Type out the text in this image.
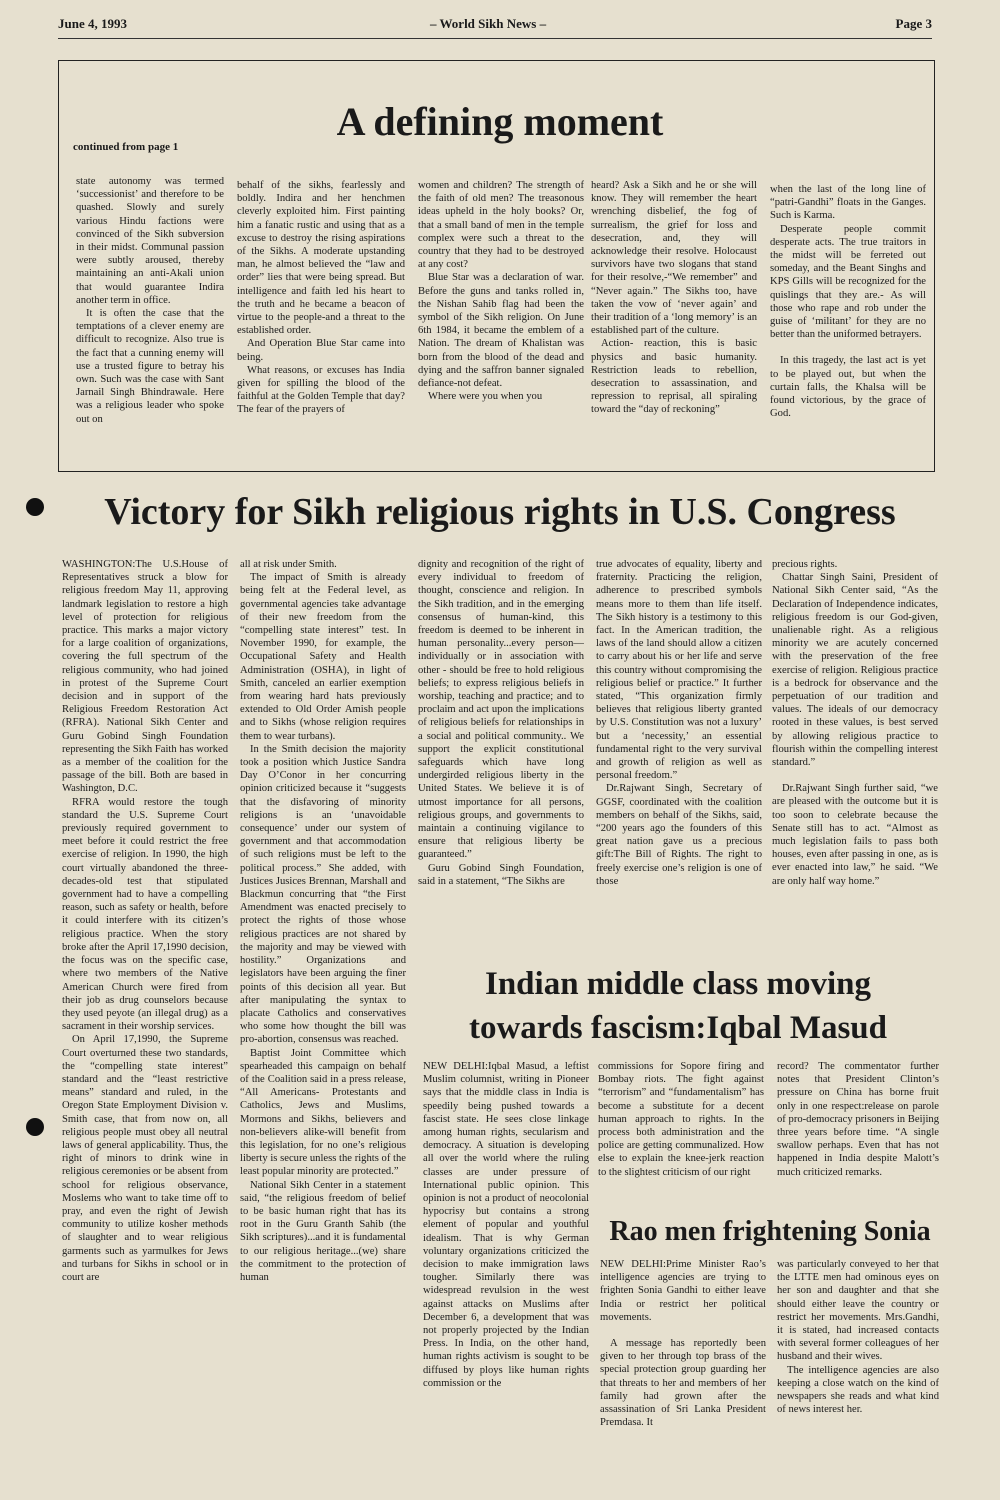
June 4, 1993	– World Sikh News –	Page 3
A defining moment
continued from page 1

state autonomy was termed ‘successionist’ and therefore to be quashed. Slowly and surely various Hindu factions were convinced of the Sikh subversion in their midst. Communal passion were subtly aroused, thereby maintaining an anti-Akali union that would guarantee Indira another term in office.

It is often the case that the temptations of a clever enemy are difficult to recognize. Also true is the fact that a cunning enemy will use a trusted figure to betray his own. Such was the case with Sant Jarnail Singh Bhindrawale. Here was a religious leader who spoke out on

behalf of the sikhs, fearlessly and boldly. Indira and her henchmen cleverly exploited him. First painting him a fanatic rustic and using that as a excuse to destroy the rising aspirations of the Sikhs. A moderate upstanding man, he almost believed the “law and order” lies that were being spread. But intelligence and faith led his heart to the truth and he became a beacon of virtue to the people-and a threat to the established order.

And Operation Blue Star came into being.

What reasons, or excuses has India given for spilling the blood of the faithful at the Golden Temple that day? The fear of the prayers of

women and children? The strength of the faith of old men? The treasonous ideas upheld in the holy books? Or, that a small band of men in the temple complex were such a threat to the country that they had to be destroyed at any cost?

Blue Star was a declaration of war. Before the guns and tanks rolled in, the Nishan Sahib flag had been the symbol of the Sikh religion. On June 6th 1984, it became the emblem of a Nation. The dream of Khalistan was born from the blood of the dead and dying and the saffron banner signaled defiance-not defeat.

Where were you when you

heard? Ask a Sikh and he or she will know. They will remember the heart wrenching disbelief, the fog of surrealism, the grief for loss and desecration, and, they will acknowledge their resolve. Holocaust survivors have two slogans that stand for their resolve,-“We remember” and “Never again.” The Sikhs too, have taken the vow of ‘never again’ and their tradition of a ‘long memory’ is an established part of the culture.

Action- reaction, this is basic physics and basic humanity. Restriction leads to rebellion, desecration to assassination, and repression to reprisal, all spiraling toward the “day of reckoning”

when the last of the long line of “patri-Gandhi” floats in the Ganges. Such is Karma.

Desperate people commit desperate acts. The true traitors in the midst will be ferreted out someday, and the Beant Singhs and KPS Gills will be recognized for the quislings that they are.- As will those who rape and rob under the guise of ‘militant’ for they are no better than the uniformed betrayers.

In this tragedy, the last act is yet to be played out, but when the curtain falls, the Khalsa will be found victorious, by the grace of God.

Victory for Sikh religious rights in U.S. Congress

WASHINGTON:The U.S.House of Representatives struck a blow for religious freedom May 11, approving landmark legislation to restore a high level of protection for religious practice. This marks a major victory for a large coalition of organizations, covering the full spectrum of the religious community, who had joined in protest of the Supreme Court decision and in support of the Religious Freedom Restoration Act (RFRA). National Sikh Center and Guru Gobind Singh Foundation representing the Sikh Faith has worked as a member of the coalition for the passage of the bill. Both are based in Washington, D.C.

RFRA would restore the tough standard the U.S. Supreme Court previously required government to meet before it could restrict the free exercise of religion. In 1990, the high court virtually abandoned the three-decades-old test that stipulated government had to have a compelling reason, such as safety or health, before it could interfere with its citizen’s religious practice. When the story broke after the April 17,1990 decision, the focus was on the specific case, where two members of the Native American Church were fired from their job as drug counselors because they used peyote (an illegal drug) as a sacrament in their worship services.

On April 17,1990, the Supreme Court overturned these two standards, the “compelling state interest” standard and the “least restrictive means” standard and ruled, in the Oregon State Employment Division v. Smith case, that from now on, all religious people must obey all neutral laws of general applicability. Thus, the right of minors to drink wine in religious ceremonies or be absent from school for religious observance, Moslems who want to take time off to pray, and even the right of Jewish community to utilize kosher methods of slaughter and to wear religious garments such as yarmulkes for Jews and turbans for Sikhs in school or in court are

all at risk under Smith.

The impact of Smith is already being felt at the Federal level, as governmental agencies take advantage of their new freedom from the “compelling state interest” test. In November 1990, for example, the Occupational Safety and Health Administration (OSHA), in light of Smith, canceled an earlier exemption from wearing hard hats previously extended to Old Order Amish people and to Sikhs (whose religion requires them to wear turbans).

In the Smith decision the majority took a position which Justice Sandra Day O’Conor in her concurring opinion criticized because it “suggests that the disfavoring of minority religions is an ‘unavoidable consequence’ under our system of government and that accommodation of such religions must be left to the political process.” She added, with Justices Jusices Brennan, Marshall and Blackmun concurring that “the First Amendment was enacted precisely to protect the rights of those whose religious practices are not shared by the majority and may be viewed with hostility.” Organizations and legislators have been arguing the finer points of this decision all year. But after manipulating the syntax to placate Catholics and conservatives who some how thought the bill was pro-abortion, consensus was reached.

Baptist Joint Committee which spearheaded this campaign on behalf of the Coalition said in a press release, “All Americans- Protestants and Catholics, Jews and Muslims, Mormons and Sikhs, believers and non-believers alike-will benefit from this legislation, for no one’s religious liberty is secure unless the rights of the least popular minority are protected.”

National Sikh Center in a statement said, “the religious freedom of belief to be basic human right that has its root in the Guru Granth Sahib (the Sikh scriptures)...and it is fundamental to our religious heritage...(we) share the commitment to the protection of human

dignity and recognition of the right of every individual to freedom of thought, conscience and religion. In the Sikh tradition, and in the emerging consensus of human-kind, this freedom is deemed to be inherent in human personality...every person—individually or in association with other - should be free to hold religious beliefs; to express religious beliefs in worship, teaching and practice; and to proclaim and act upon the implications of religious beliefs for relationships in a social and political community.. We support the explicit constitutional safeguards which have long undergirded religious liberty in the United States. We believe it is of utmost importance for all persons, religious groups, and governments to maintain a continuing vigilance to ensure that religious liberty be guaranteed.”

Guru Gobind Singh Foundation, said in a statement, “The Sikhs are

true advocates of equality, liberty and fraternity. Practicing the religion, adherence to prescribed symbols means more to them than life itself. The Sikh history is a testimony to this fact. In the American tradition, the laws of the land should allow a citizen to carry about his or her life and serve this country without compromising the religious belief or practice.” It further stated, “This organization firmly believes that religious liberty granted by U.S. Constitution was not a luxury’ but a ‘necessity,’ an essential fundamental right to the very survival and growth of religion as well as personal freedom.”

Dr.Rajwant Singh, Secretary of GGSF, coordinated with the coalition members on behalf of the Sikhs, said, “200 years ago the founders of this great nation gave us a precious gift:The Bill of Rights. The right to freely exercise one’s religion is one of those

precious rights.

Chattar Singh Saini, President of National Sikh Center said, “As the Declaration of Independence indicates, religious freedom is our God-given, unalienable right. As a religious minority we are acutely concerned with the preservation of the free exercise of religion. Religious practice is a bedrock for observance and the perpetuation of our tradition and values. The ideals of our democracy rooted in these values, is best served by allowing religious practice to flourish within the compelling interest standard.”

Dr.Rajwant Singh further said, “we are pleased with the outcome but it is too soon to celebrate because the Senate still has to act. “Almost as much legislation fails to pass both houses, even after passing in one, as is ever enacted into law,” he said. “We are only half way home.”

Indian middle class moving
towards fascism:Iqbal Masud

NEW DELHI:Iqbal Masud, a leftist Muslim columnist, writing in Pioneer says that the middle class in India is speedily being pushed towards a fascist state. He sees close linkage among human rights, secularism and democracy. A situation is developing all over the world where the ruling classes are under pressure of International public opinion. This opinion is not a product of neocolonial hypocrisy but contains a strong element of popular and youthful idealism. That is why German voluntary organizations criticized the decision to make immigration laws tougher. Similarly there was widespread revulsion in the west against attacks on Muslims after December 6, a development that was not properly projected by the Indian Press. In India, on the other hand, human rights activism is sought to be diffused by ploys like human rights commission or the

commissions for Sopore firing and Bombay riots. The fight against “terrorism” and “fundamentalism” has become a substitute for a decent human approach to rights. In the process both administration and the police are getting communalized. How else to explain the knee-jerk reaction to the slightest criticism of our right

record? The commentator further notes that President Clinton’s pressure on China has borne fruit only in one respect:release on parole of pro-democracy prisoners in Beijing three years before time. “A single swallow perhaps. Even that has not happened in India despite Malott’s much criticized remarks.

Rao men frightening Sonia

NEW DELHI:Prime Minister Rao’s intelligence agencies are trying to frighten Sonia Gandhi to either leave India or restrict her political movements.

A message has reportedly been given to her through top brass of the special protection group guarding her that threats to her and members of her family had grown after the assassination of Sri Lanka President Premdasa. It

was particularly conveyed to her that the LTTE men had ominous eyes on her son and daughter and that she should either leave the country or restrict her movements. Mrs.Gandhi, it is stated, had increased contacts with several former colleagues of her husband and their wives.

The intelligence agencies are also keeping a close watch on the kind of newspapers she reads and what kind of news interest her.
